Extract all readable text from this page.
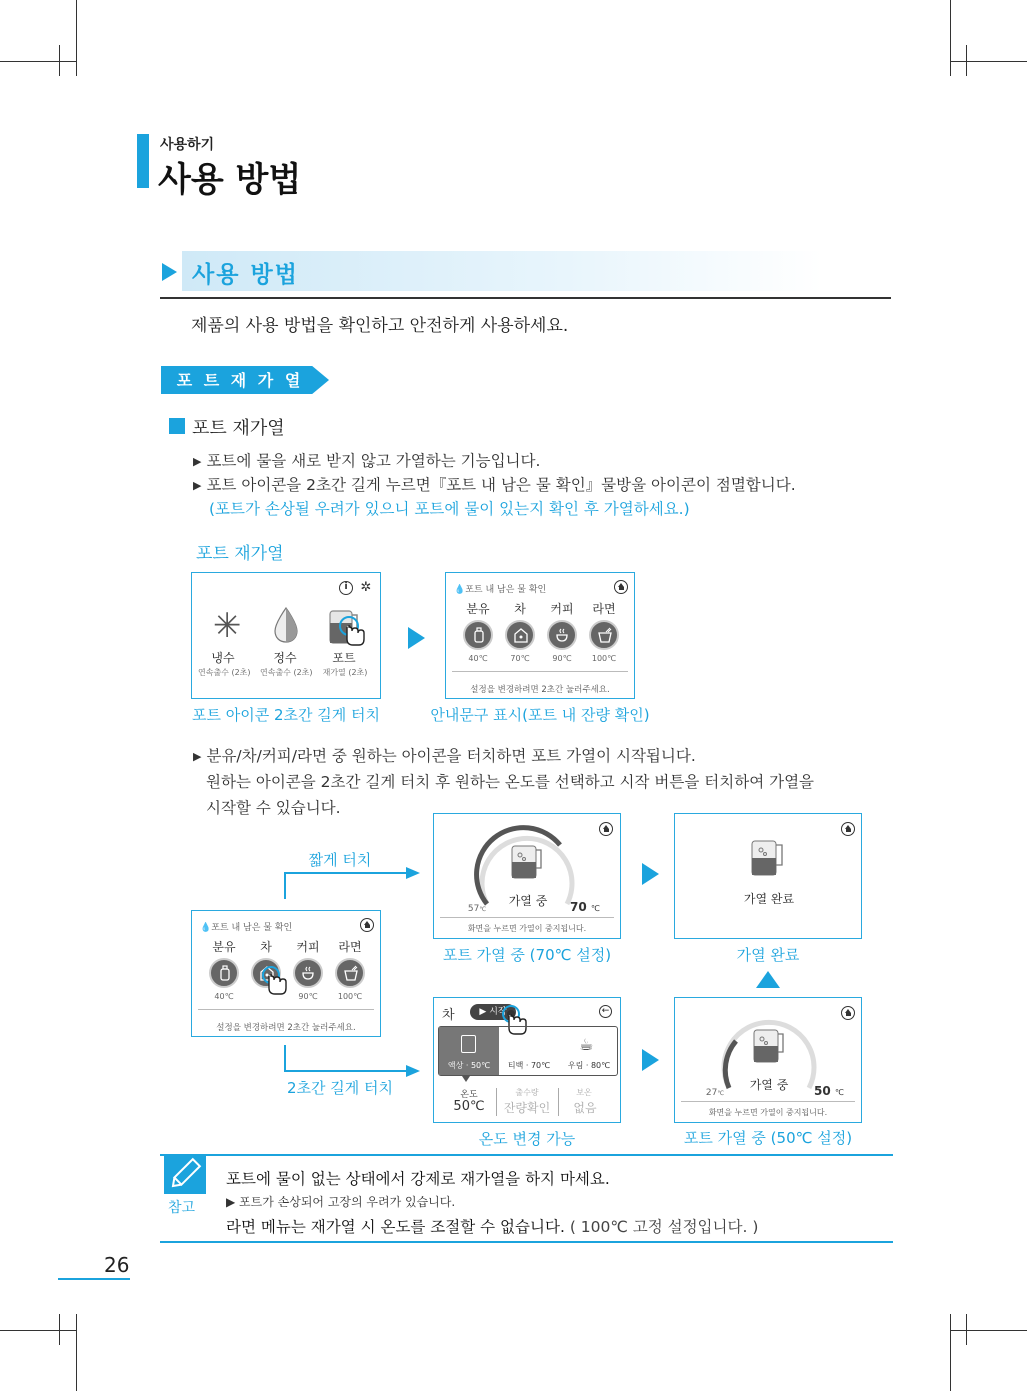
사용하기
사용 방법
사용 방법
제품의 사용 방법을 확인하고 안전하게 사용하세요.
포 트 재 가 열
포트 재가열
▶ 포트에 물을 새로 받지 않고 가열하는 기능입니다.
▶ 포트 아이콘을 2초간 길게 누르면『포트 내 남은 물 확인』물방울 아이콘이 점멸합니다.
(포트가 손상될 우려가 있으니 포트에 물이 있는지 확인 후 가열하세요.)
포트 재가열
i	✲
✳
냉수	정수	포트
연속출수 (2초) 연속출수 (2초)	재가열 (2초)
포트 아이콘 2초간 길게 터치
💧포트 내 남은 물 확인
분유	차	커피	라면
40℃	70℃	90℃	100℃
설정을 변경하려면 2초간 눌러주세요.
안내문구 표시(포트 내 잔량 확인)
▶ 분유/차/커피/라면 중 원하는 아이콘을 터치하면 포트 가열이 시작됩니다.
원하는 아이콘을 2초간 길게 터치 후 원하는 온도를 선택하고 시작 버튼을 터치하여 가열을
시작할 수 있습니다.
짧게 터치
2초간 길게 터치
💧포트 내 남은 물 확인
분유	차	커피	라면
40℃	90℃	100℃
설정을 변경하려면 2초간 눌러주세요.
가열 중
57℃	70 ℃
화면을 누르면 가열이 중지됩니다.
포트 가열 중 (70℃ 설정)
가열 완료
가열 완료
차	▶ 시작	←
액상 · 50℃	티백 · 70℃
☕
우림 · 80℃
온도	출수량	보온
50℃	잔량확인	없음
온도 변경 가능
가열 중
27℃	50 ℃
화면을 누르면 가열이 중지됩니다.
포트 가열 중 (50℃ 설정)
참고
포트에 물이 없는 상태에서 강제로 재가열을 하지 마세요.
▶ 포트가 손상되어 고장의 우려가 있습니다.
라면 메뉴는 재가열 시 온도를 조절할 수 없습니다. ( 100℃ 고정 설정입니다. )
26
